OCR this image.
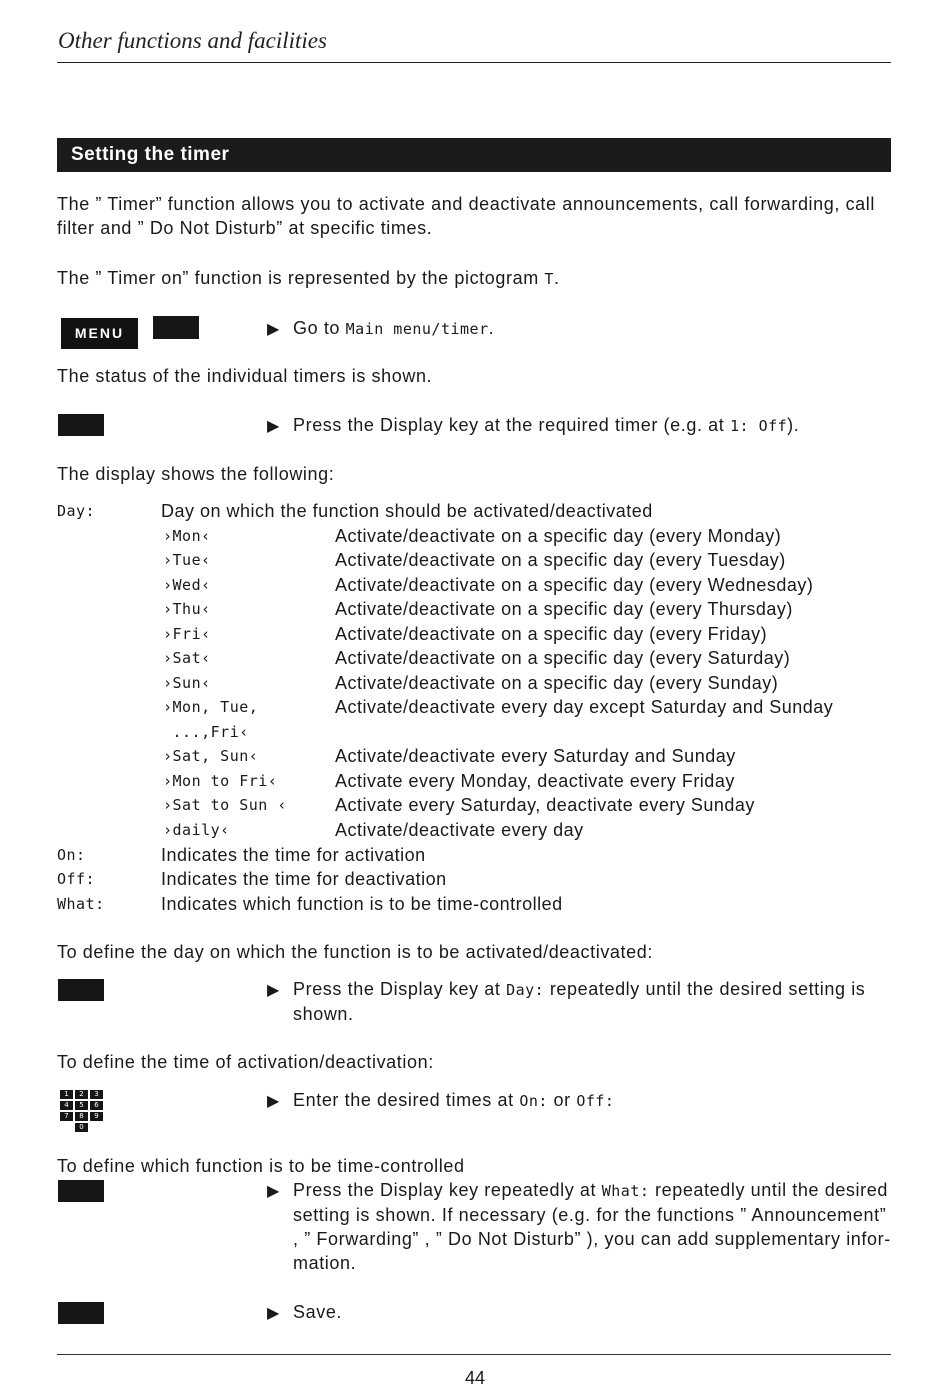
Other functions and facilities
Setting the timer
The ” Timer” function allows you to activate and deactivate announcements, call forwarding, call filter and ” Do Not Disturb” at specific times.
The ” Timer on” function is represented by the pictogram T.
MENU	▶ Go to Main menu/timer.
The status of the individual timers is shown.
▶ Press the Display key at the required timer (e.g. at 1: Off).
The display shows the following:
Day:	Day on which the function should be activated/deactivated
›Mon‹	Activate/deactivate on a specific day (every Monday)
›Tue‹	Activate/deactivate on a specific day (every Tuesday)
›Wed‹	Activate/deactivate on a specific day (every Wednesday)
›Thu‹	Activate/deactivate on a specific day (every Thursday)
›Fri‹	Activate/deactivate on a specific day (every Friday)
›Sat‹	Activate/deactivate on a specific day (every Saturday)
›Sun‹	Activate/deactivate on a specific day (every Sunday)
›Mon, Tue,	Activate/deactivate every day except Saturday and Sunday
...,Fri‹
›Sat, Sun‹	Activate/deactivate every Saturday and Sunday
›Mon to Fri‹	Activate every Monday, deactivate every Friday
›Sat to Sun ‹	Activate every Saturday, deactivate every Sunday
›daily‹	Activate/deactivate every day
On:	Indicates the time for activation
Off:	Indicates the time for deactivation
What:	Indicates which function is to be time-controlled
To define the day on which the function is to be activated/deactivated:
▶ Press the Display key at Day: repeatedly until the desired setting is shown.
To define the time of activation/deactivation:
1	2	3
4	5	6
7	8	9
0
▶ Enter the desired times at On: or Off:
To define which function is to be time-controlled
▶ Press the Display key repeatedly at What: repeatedly until the desired setting is shown. If necessary (e.g. for the functions ” Announcement” , ” Forwarding” , ” Do Not Disturb” ), you can add supplementary infor-mation.
▶ Save.
44
